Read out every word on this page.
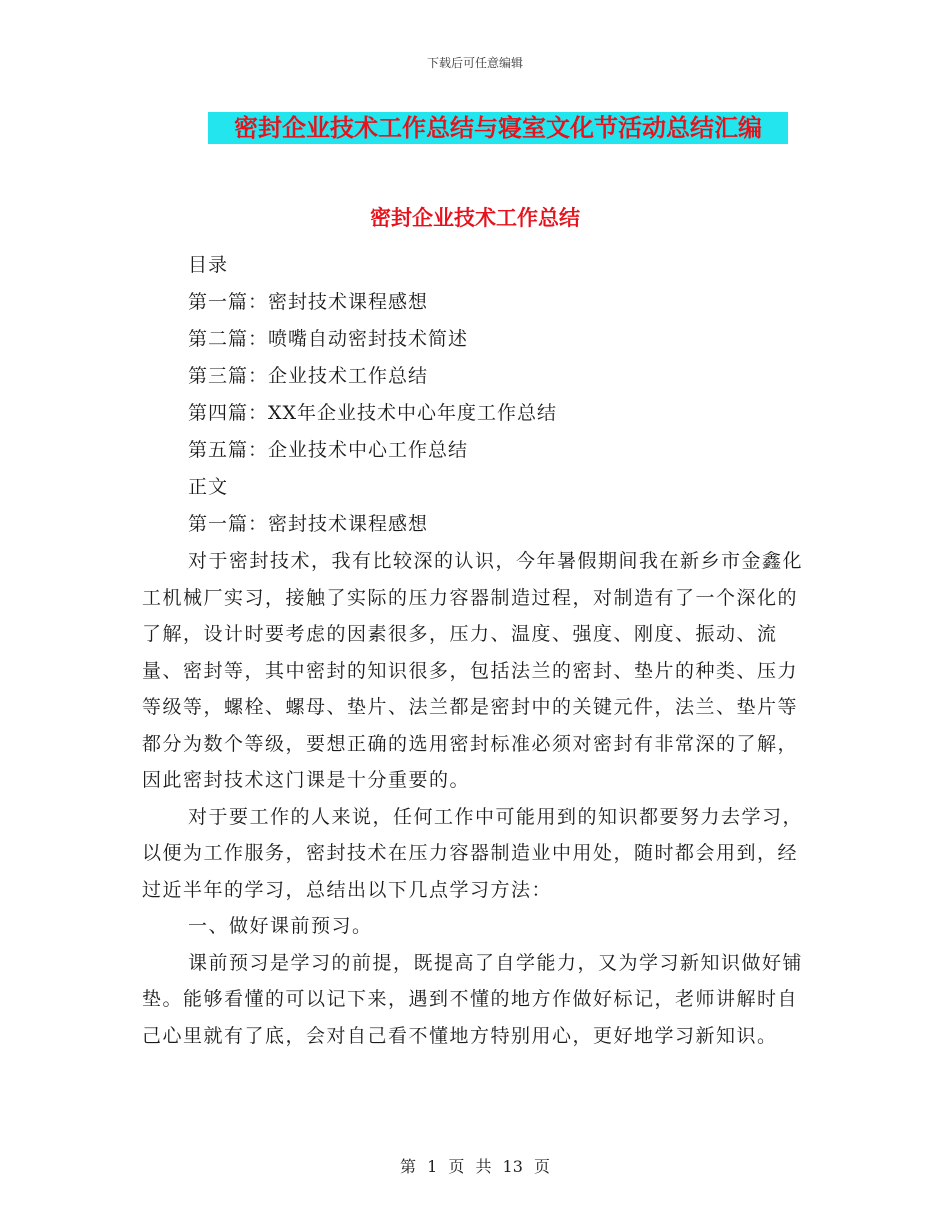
下载后可任意编辑
密封企业技术工作总结与寝室文化节活动总结汇编
密封企业技术工作总结
目录
第一篇：密封技术课程感想
第二篇：喷嘴自动密封技术简述
第三篇：企业技术工作总结
第四篇：XX年企业技术中心年度工作总结
第五篇：企业技术中心工作总结
正文
第一篇：密封技术课程感想

对于密封技术，我有比较深的认识，今年暑假期间我在新乡市金鑫化工机械厂实习，接触了实际的压力容器制造过程，对制造有了一个深化的了解，设计时要考虑的因素很多，压力、温度、强度、刚度、振动、流量、密封等，其中密封的知识很多，包括法兰的密封、垫片的种类、压力等级等，螺栓、螺母、垫片、法兰都是密封中的关键元件，法兰、垫片等都分为数个等级，要想正确的选用密封标准必须对密封有非常深的了解，因此密封技术这门课是十分重要的。

对于要工作的人来说，任何工作中可能用到的知识都要努力去学习，以便为工作服务，密封技术在压力容器制造业中用处，随时都会用到，经过近半年的学习，总结出以下几点学习方法：

一、做好课前预习。

课前预习是学习的前提，既提高了自学能力，又为学习新知识做好铺垫。能够看懂的可以记下来，遇到不懂的地方作做好标记，老师讲解时自己心里就有了底，会对自己看不懂地方特别用心，更好地学习新知识。

第 1 页 共 13 页
